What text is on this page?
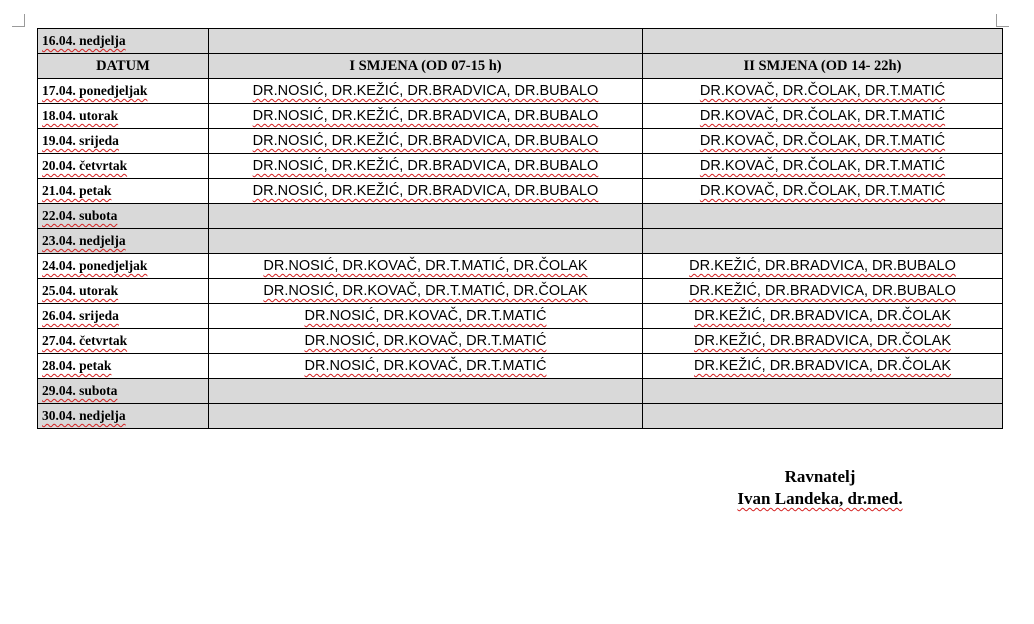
16.04. nedjelja		
DATUM	I SMJENA (OD 07-15 h)	II SMJENA (OD 14- 22h)
17.04. ponedjeljak	DR.NOSIĆ, DR.KEŽIĆ, DR.BRADVICA, DR.BUBALO	DR.KOVAČ, DR.ČOLAK, DR.T.MATIĆ
18.04. utorak	DR.NOSIĆ, DR.KEŽIĆ, DR.BRADVICA, DR.BUBALO	DR.KOVAČ, DR.ČOLAK, DR.T.MATIĆ
19.04. srijeda	DR.NOSIĆ, DR.KEŽIĆ, DR.BRADVICA, DR.BUBALO	DR.KOVAČ, DR.ČOLAK, DR.T.MATIĆ
20.04. četvrtak	DR.NOSIĆ, DR.KEŽIĆ, DR.BRADVICA, DR.BUBALO	DR.KOVAČ, DR.ČOLAK, DR.T.MATIĆ
21.04. petak	DR.NOSIĆ, DR.KEŽIĆ, DR.BRADVICA, DR.BUBALO	DR.KOVAČ, DR.ČOLAK, DR.T.MATIĆ
22.04. subota		
23.04. nedjelja		
24.04. ponedjeljak	DR.NOSIĆ, DR.KOVAČ, DR.T.MATIĆ, DR.ČOLAK	DR.KEŽIĆ, DR.BRADVICA, DR.BUBALO
25.04. utorak	DR.NOSIĆ, DR.KOVAČ, DR.T.MATIĆ, DR.ČOLAK	DR.KEŽIĆ, DR.BRADVICA, DR.BUBALO
26.04. srijeda	DR.NOSIĆ, DR.KOVAČ, DR.T.MATIĆ	DR.KEŽIĆ, DR.BRADVICA, DR.ČOLAK
27.04. četvrtak	DR.NOSIĆ, DR.KOVAČ, DR.T.MATIĆ	DR.KEŽIĆ, DR.BRADVICA, DR.ČOLAK
28.04. petak	DR.NOSIĆ, DR.KOVAČ, DR.T.MATIĆ	DR.KEŽIĆ, DR.BRADVICA, DR.ČOLAK
29.04. subota		
30.04. nedjelja		
Ravnatelj
Ivan Landeka, dr.med.
